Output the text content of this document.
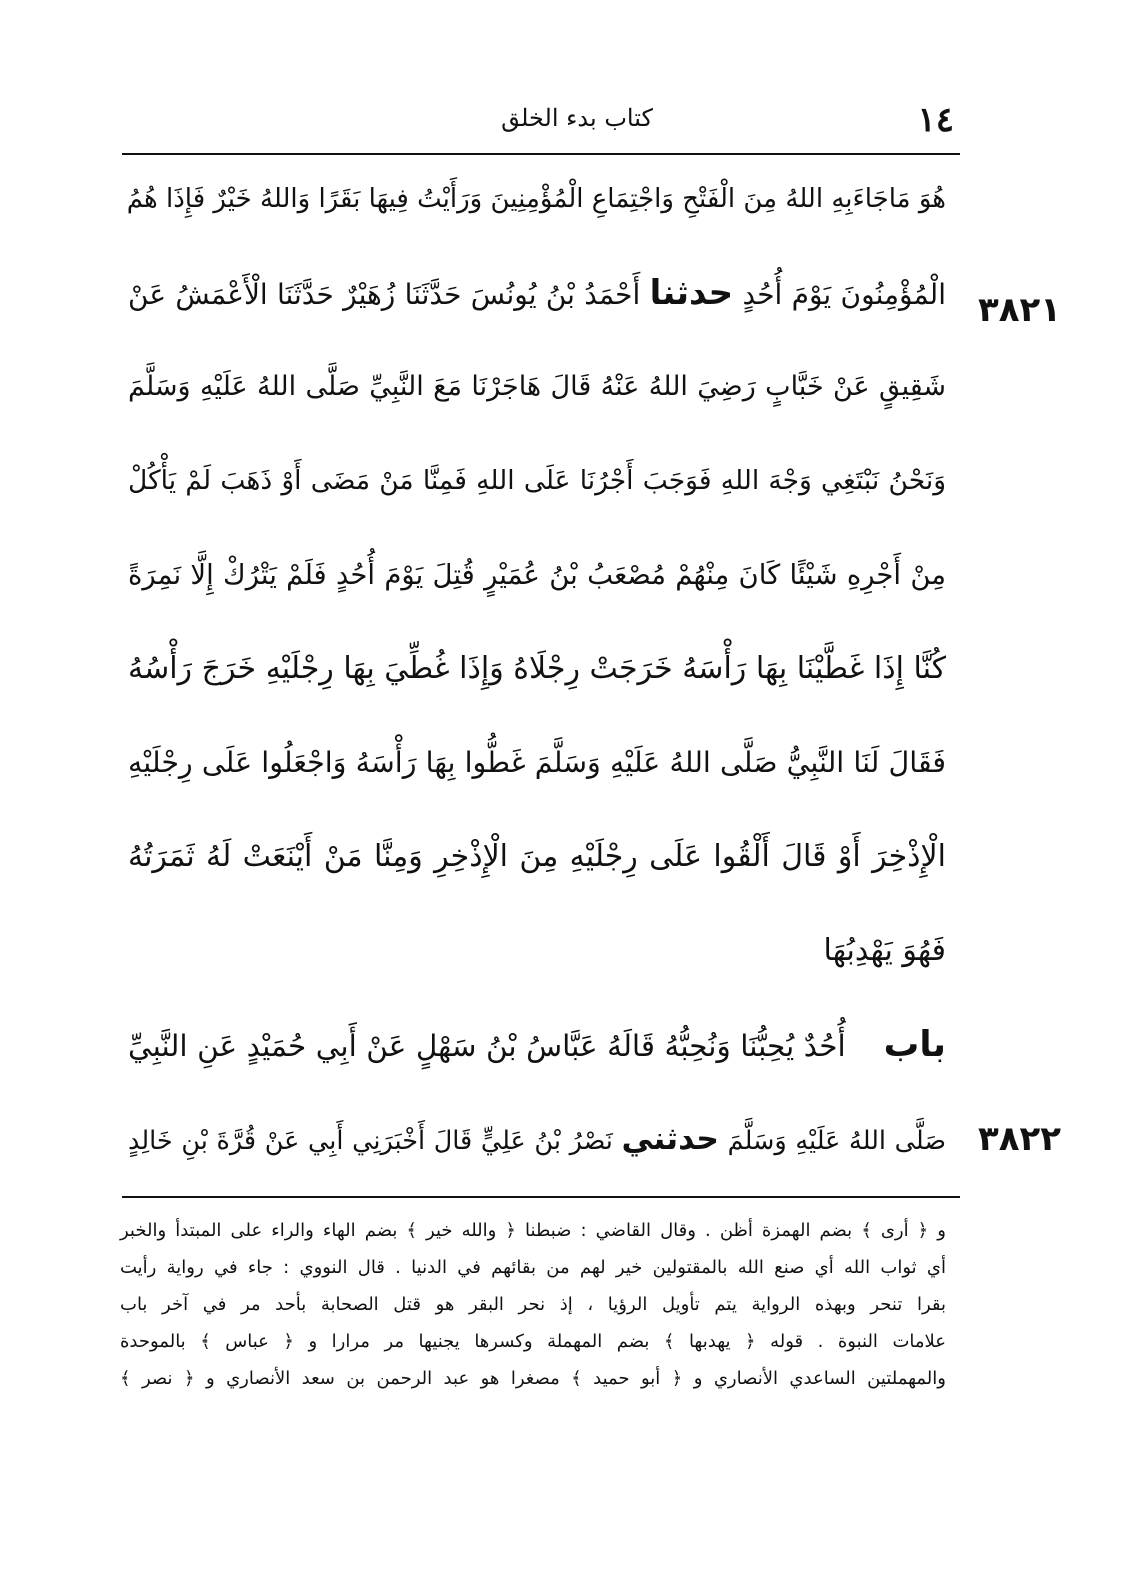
كتاب بدء الخلق	١٤
٣٨٢١
٣٨٢٢
هُوَ مَاجَاءَبِهِ اللهُ مِنَ الْفَتْحِ وَاجْتِمَاعِ الْمُؤْمِنِينَ وَرَأَيْتُ فِيهَا بَقَرًا وَاللهُ خَيْرٌ فَإِذَا هُمُ
الْمُؤْمِنُونَ يَوْمَ أُحُدٍ حدثنا أَحْمَدُ بْنُ يُونُسَ حَدَّثَنَا زُهَيْرٌ حَدَّثَنَا الْأَعْمَشُ عَنْ
شَقِيقٍ عَنْ خَبَّابٍ رَضِيَ اللهُ عَنْهُ قَالَ هَاجَرْنَا مَعَ النَّبِيِّ صَلَّى اللهُ عَلَيْهِ وَسَلَّمَ
وَنَحْنُ نَبْتَغِي وَجْهَ اللهِ فَوَجَبَ أَجْرُنَا عَلَى اللهِ فَمِنَّا مَنْ مَضَى أَوْ ذَهَبَ لَمْ يَأْكُلْ
مِنْ أَجْرِهِ شَيْئًا كَانَ مِنْهُمْ مُصْعَبُ بْنُ عُمَيْرٍ قُتِلَ يَوْمَ أُحُدٍ فَلَمْ يَتْرُكْ إِلَّا نَمِرَةً
كُنَّا إِذَا غَطَّيْنَا بِهَا رَأْسَهُ خَرَجَتْ رِجْلَاهُ وَإِذَا غُطِّيَ بِهَا رِجْلَيْهِ خَرَجَ رَأْسُهُ
فَقَالَ لَنَا النَّبِيُّ صَلَّى اللهُ عَلَيْهِ وَسَلَّمَ غَطُّوا بِهَا رَأْسَهُ وَاجْعَلُوا عَلَى رِجْلَيْهِ
الْإِذْخِرَ أَوْ قَالَ أَلْقُوا عَلَى رِجْلَيْهِ مِنَ الْإِذْخِرِ وَمِنَّا مَنْ أَيْنَعَتْ لَهُ ثَمَرَتُهُ
فَهُوَ يَهْدِبُهَا
باب    أُحُدٌ يُحِبُّنَا وَنُحِبُّهُ قَالَهُ عَبَّاسُ بْنُ سَهْلٍ عَنْ أَبِي حُمَيْدٍ عَنِ النَّبِيِّ
صَلَّى اللهُ عَلَيْهِ وَسَلَّمَ حدثني نَصْرُ بْنُ عَلِيٍّ قَالَ أَخْبَرَنِي أَبِي عَنْ قُرَّةَ بْنِ خَالِدٍ
و ﴿ أرى ﴾ بضم الهمزة أظن . وقال القاضي : ضبطنا ﴿ والله خير ﴾ بضم الهاء والراء على المبتدأ والخبر
أي ثواب الله أي صنع الله بالمقتولين خير لهم من بقائهم في الدنيا . قال النووي : جاء في رواية رأيت
بقرا تنحر وبهذه الرواية يتم تأويل الرؤيا ، إذ نحر البقر هو قتل الصحابة بأحد مر في آخر باب
علامات النبوة . قوله ﴿ يهدبها ﴾ بضم المهملة وكسرها يجنيها مر مرارا و ﴿ عباس ﴾ بالموحدة
والمهملتين الساعدي الأنصاري و ﴿ أبو حميد ﴾ مصغرا هو عبد الرحمن بن سعد الأنصاري و ﴿ نصر ﴾
